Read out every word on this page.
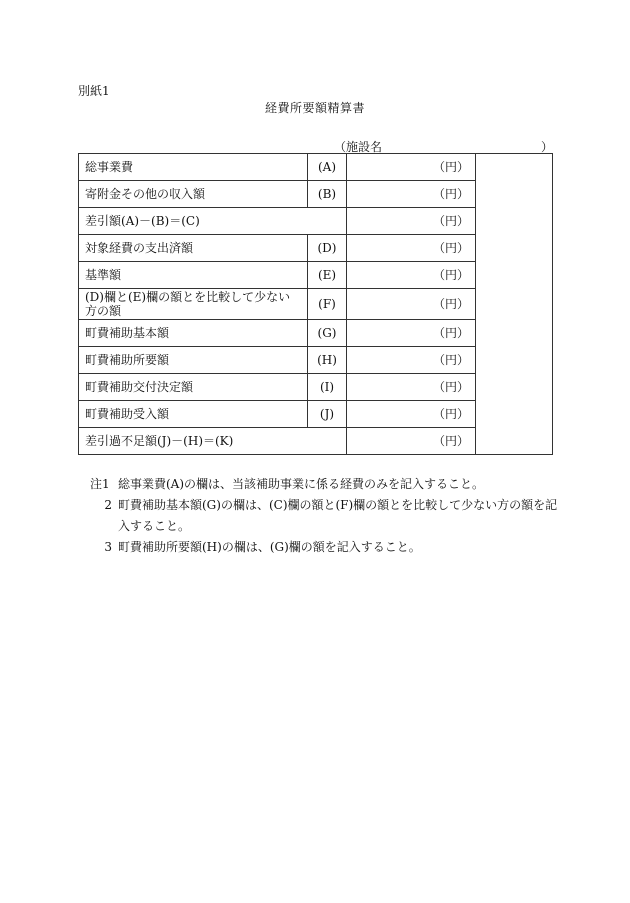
別紙1
経費所要額精算書
（施設名	）
総事業費	(A)	（円）	
寄附金その他の収入額	(B)	（円）	
差引額(A)－(B)＝(C)		（円）	
対象経費の支出済額	(D)	（円）	
基準額	(E)	（円）	
(D)欄と(E)欄の額とを比較して少ない方の額	(F)	（円）	
町費補助基本額	(G)	（円）	
町費補助所要額	(H)	（円）	
町費補助交付決定額	(I)	（円）	
町費補助受入額	(J)	（円）	
差引過不足額(J)－(H)＝(K)		（円）	
注1 総事業費(A)の欄は、当該補助事業に係る経費のみを記入すること。
2 町費補助基本額(G)の欄は、(C)欄の額と(F)欄の額とを比較して少ない方の額を記入すること。
3 町費補助所要額(H)の欄は、(G)欄の額を記入すること。
